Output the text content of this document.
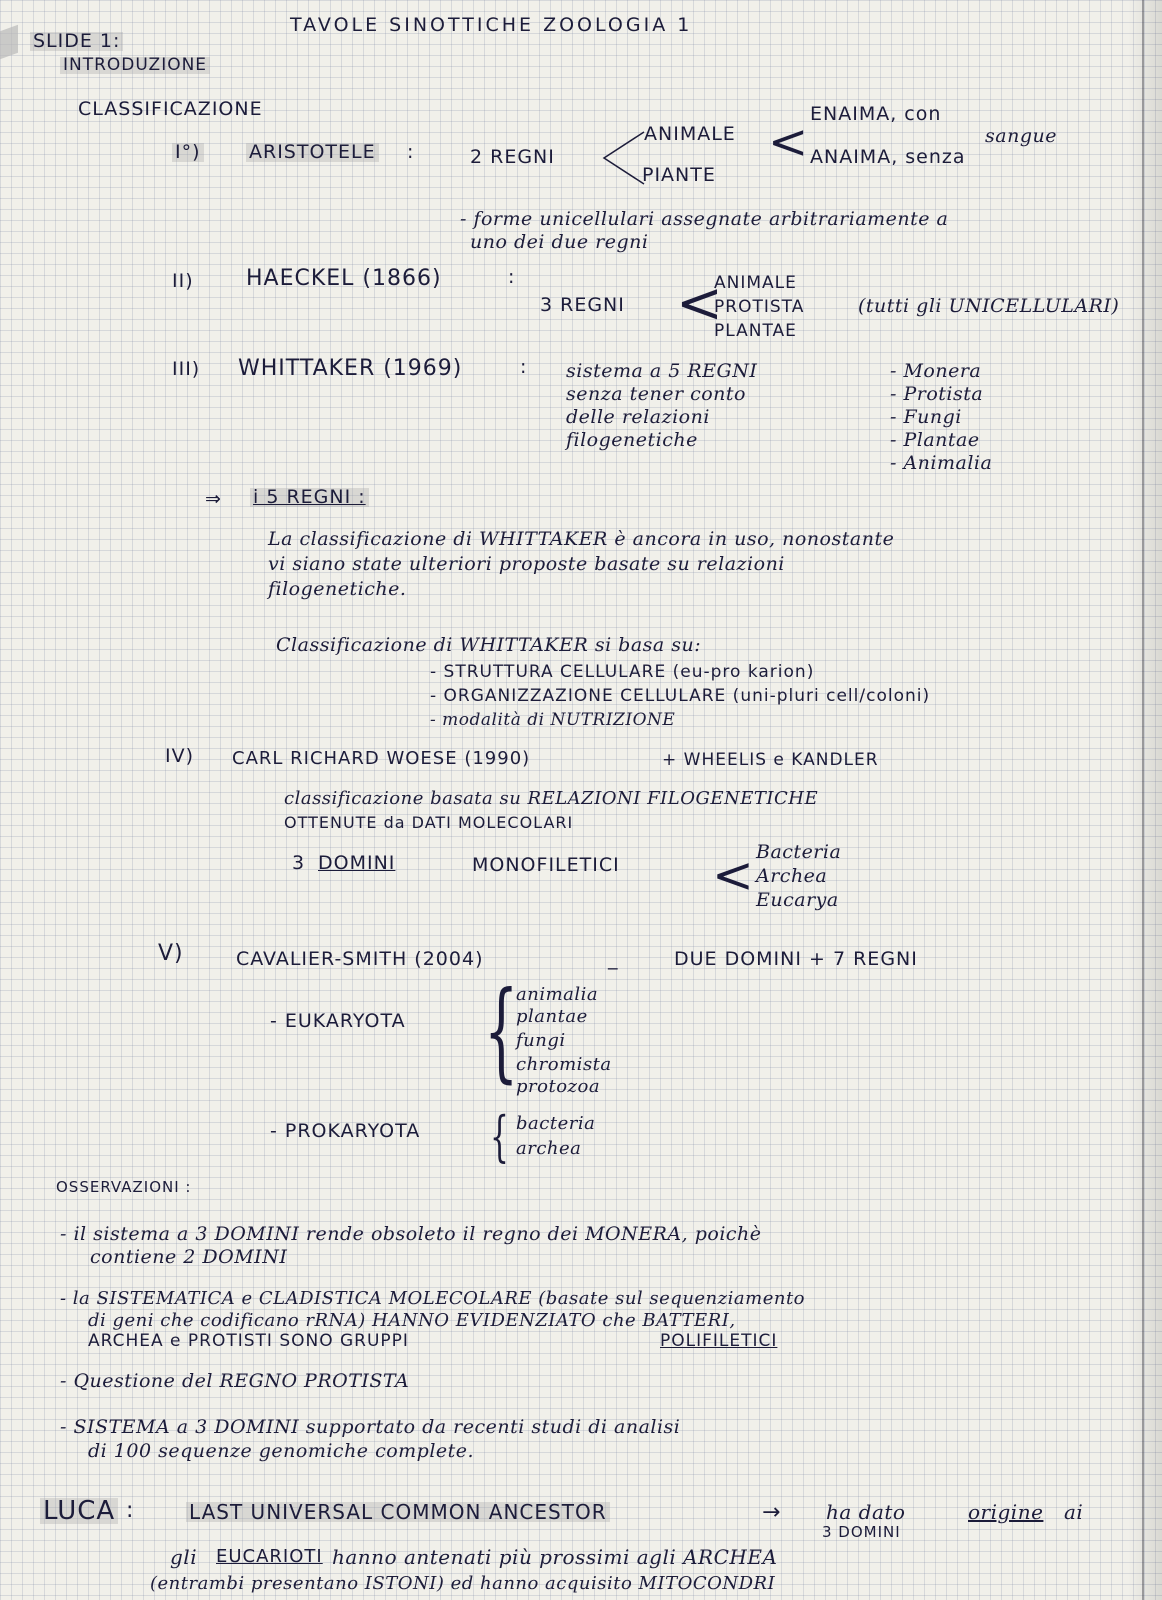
TAVOLE SINOTTICHE ZOOLOGIA 1
SLIDE 1:
INTRODUZIONE
CLASSIFICAZIONE
I°)	ARISTOTELE :	2 REGNI
ANIMALE
PIANTE
< ENAIMA, con
ANAIMA, senza
sangue
- forme unicellulari assegnate arbitrariamente a
uno dei due regni
II) HAECKEL (1866)	:
3 REGNI <
ANIMALE
PROTISTA
PLANTAE
(tutti gli UNICELLULARI)
III) WHITTAKER (1969)	: sistema a 5 REGNI
senza tener conto
delle relazioni
filogenetiche
- Monera
- Protista
- Fungi
- Plantae
- Animalia
⇒ i 5 REGNI :
La classificazione di WHITTAKER è ancora in uso, nonostante
vi siano state ulteriori proposte basate su relazioni
filogenetiche.
Classificazione di WHITTAKER si basa su:
- STRUTTURA CELLULARE (eu-pro karion)
- ORGANIZZAZIONE CELLULARE (uni-pluri cell/coloni)
- modalità di NUTRIZIONE
IV) CARL RICHARD WOESE (1990)	+ WHEELIS e KANDLER
classificazione basata su RELAZIONI FILOGENETICHE
OTTENUTE da DATI MOLECOLARI
3 DOMINI	MONOFILETICI < Bacteria
Archea
Eucarya
V)	CAVALIER-SMITH (2004)	_	DUE DOMINI + 7 REGNI
- EUKARYOTA {
animalia
plantae
fungi
chromista
protozoa
- PROKARYOTA { bacteria
archea
OSSERVAZIONI :
- il sistema a 3 DOMINI rende obsoleto il regno dei MONERA, poichè
contiene 2 DOMINI
- la SISTEMATICA e CLADISTICA MOLECOLARE (basate sul sequenziamento
di geni che codificano rRNA) HANNO EVIDENZIATO che BATTERI,
ARCHEA e PROTISTI SONO GRUPPI	POLIFILETICI
- Questione del REGNO PROTISTA
- SISTEMA a 3 DOMINI supportato da recenti studi di analisi
di 100 sequenze genomiche complete.
LUCA :	LAST UNIVERSAL COMMON ANCESTOR	→ ha dato	origine ai
3 DOMINI
gli EUCARIOTI hanno antenati più prossimi agli ARCHEA
(entrambi presentano ISTONI) ed hanno acquisito MITOCONDRI
